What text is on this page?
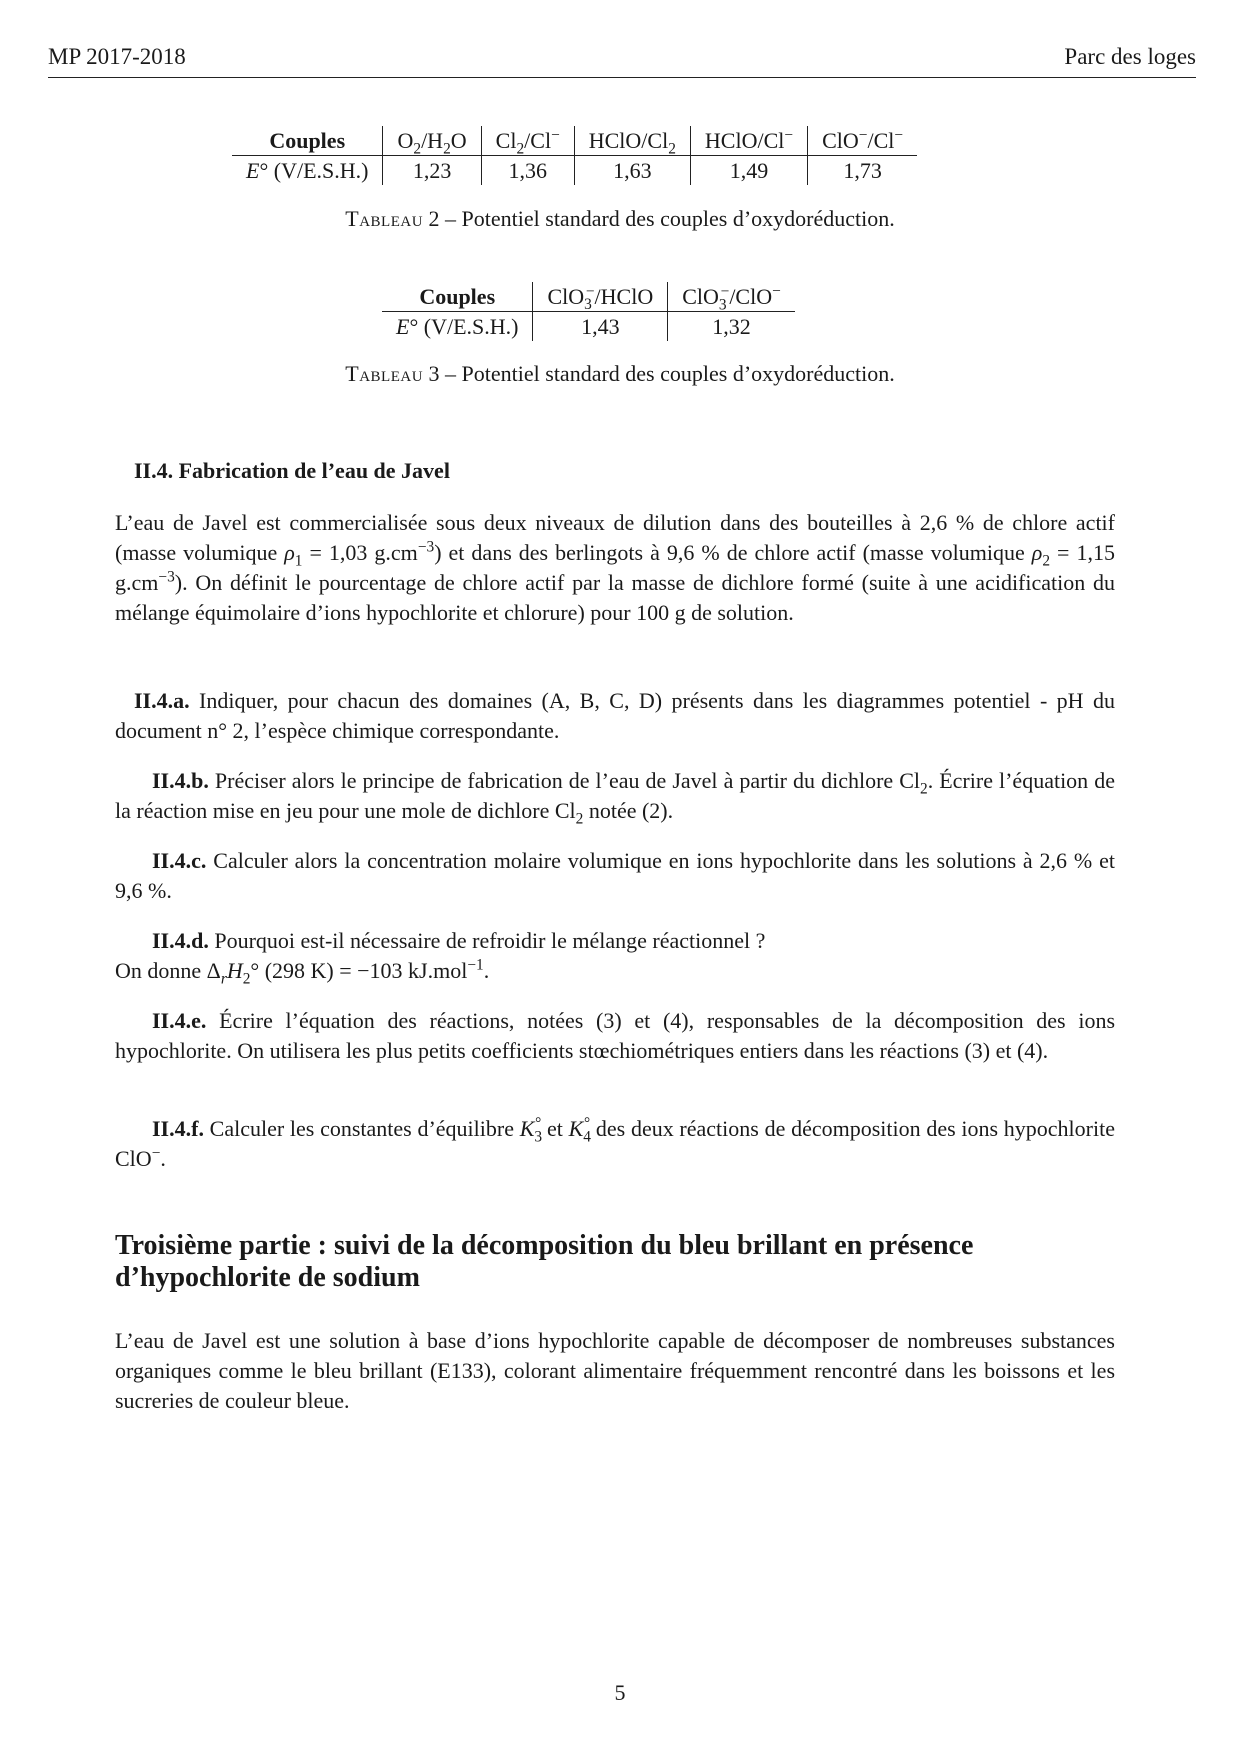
MP 2017-2018	Parc des loges
Couples	$O_2/H_2O$	$Cl_2/Cl^-$	HClO/$Cl_2$	HClO/Cl−	ClO−/Cl−
E° (V/E.S.H.)	1,23	1,36	1,63	1,49	1,73
Tableau 2 – Potentiel standard des couples d’oxydoréduction.
Couples	ClO$_3$−/HClO	ClO$_3$−/ClO−
E° (V/E.S.H.)	1,43	1,32
Tableau 3 – Potentiel standard des couples d’oxydoréduction.
II.4. Fabrication de l’eau de Javel
L’eau de Javel est commercialisée sous deux niveaux de dilution dans des bouteilles à 2,6 % de chlore actif (masse volumique $\rho_1 = 1,03$ $g.cm^{-3}$) et dans des berlingots à 9,6 % de chlore actif (masse volumique $\rho_2 = 1,15$ $g.cm^{-3}$). On définit le pourcentage de chlore actif par la masse de dichlore formé (suite à une acidification du mélange équimolaire d’ions hypochlorite et chlorure) pour 100 g de solution.
II.4.a. Indiquer, pour chacun des domaines (A, B, C, D) présents dans les diagrammes potentiel - pH du document n° 2, l’espèce chimique correspondante.
II.4.b. Préciser alors le principe de fabrication de l’eau de Javel à partir du dichlore $Cl_2$. Écrire l’équation de la réaction mise en jeu pour une mole de dichlore $Cl_2$ notée (2).
II.4.c. Calculer alors la concentration molaire volumique en ions hypochlorite dans les solutions à 2,6 % et 9,6 %.
II.4.d. Pourquoi est-il nécessaire de refroidir le mélange réactionnel ?
On donne $\Delta_rH_2^\circ$ (298 K) = −103 kJ.mol$^{-1}$.
II.4.e. Écrire l’équation des réactions, notées (3) et (4), responsables de la décomposition des ions hypochlorite. On utilisera les plus petits coefficients stœchiométriques entiers dans les réactions (3) et (4).
II.4.f. Calculer les constantes d’équilibre $K_3^\circ$ et $K_4^\circ$ des deux réactions de décomposition des ions hypochlorite ClO−.
Troisième partie : suivi de la décomposition du bleu brillant en présence d’hypochlorite de sodium
L’eau de Javel est une solution à base d’ions hypochlorite capable de décomposer de nombreuses substances organiques comme le bleu brillant (E133), colorant alimentaire fréquemment rencontré dans les boissons et les sucreries de couleur bleue.
5
